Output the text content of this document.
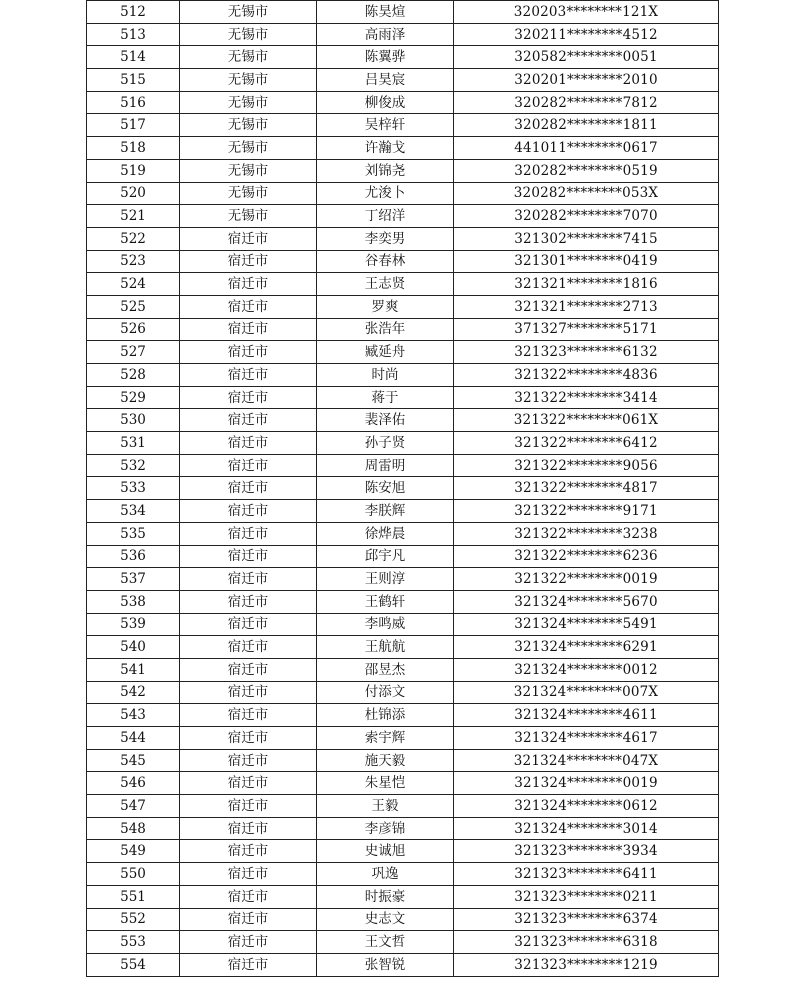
512	无锡市	陈昊煊	320203********121X
513	无锡市	高雨泽	320211********4512
514	无锡市	陈翼骅	320582********0051
515	无锡市	吕昊宸	320201********2010
516	无锡市	柳俊成	320282********7812
517	无锡市	吴梓轩	320282********1811
518	无锡市	许瀚戈	441011********0617
519	无锡市	刘锦尧	320282********0519
520	无锡市	尤浚卜	320282********053X
521	无锡市	丁绍洋	320282********7070
522	宿迁市	李奕男	321302********7415
523	宿迁市	谷春林	321301********0419
524	宿迁市	王志贤	321321********1816
525	宿迁市	罗爽	321321********2713
526	宿迁市	张浩年	371327********5171
527	宿迁市	臧延舟	321323********6132
528	宿迁市	时尚	321322********4836
529	宿迁市	蒋于	321322********3414
530	宿迁市	裴泽佑	321322********061X
531	宿迁市	孙子贤	321322********6412
532	宿迁市	周雷明	321322********9056
533	宿迁市	陈安旭	321322********4817
534	宿迁市	李朕辉	321322********9171
535	宿迁市	徐烨晨	321322********3238
536	宿迁市	邱宇凡	321322********6236
537	宿迁市	王则淳	321322********0019
538	宿迁市	王鹤轩	321324********5670
539	宿迁市	李鸣威	321324********5491
540	宿迁市	王航航	321324********6291
541	宿迁市	邵昱杰	321324********0012
542	宿迁市	付添文	321324********007X
543	宿迁市	杜锦添	321324********4611
544	宿迁市	索宇辉	321324********4617
545	宿迁市	施天毅	321324********047X
546	宿迁市	朱星恺	321324********0019
547	宿迁市	王毅	321324********0612
548	宿迁市	李彦锦	321324********3014
549	宿迁市	史诚旭	321323********3934
550	宿迁市	巩逸	321323********6411
551	宿迁市	时振豪	321323********0211
552	宿迁市	史志文	321323********6374
553	宿迁市	王文哲	321323********6318
554	宿迁市	张智锐	321323********1219
